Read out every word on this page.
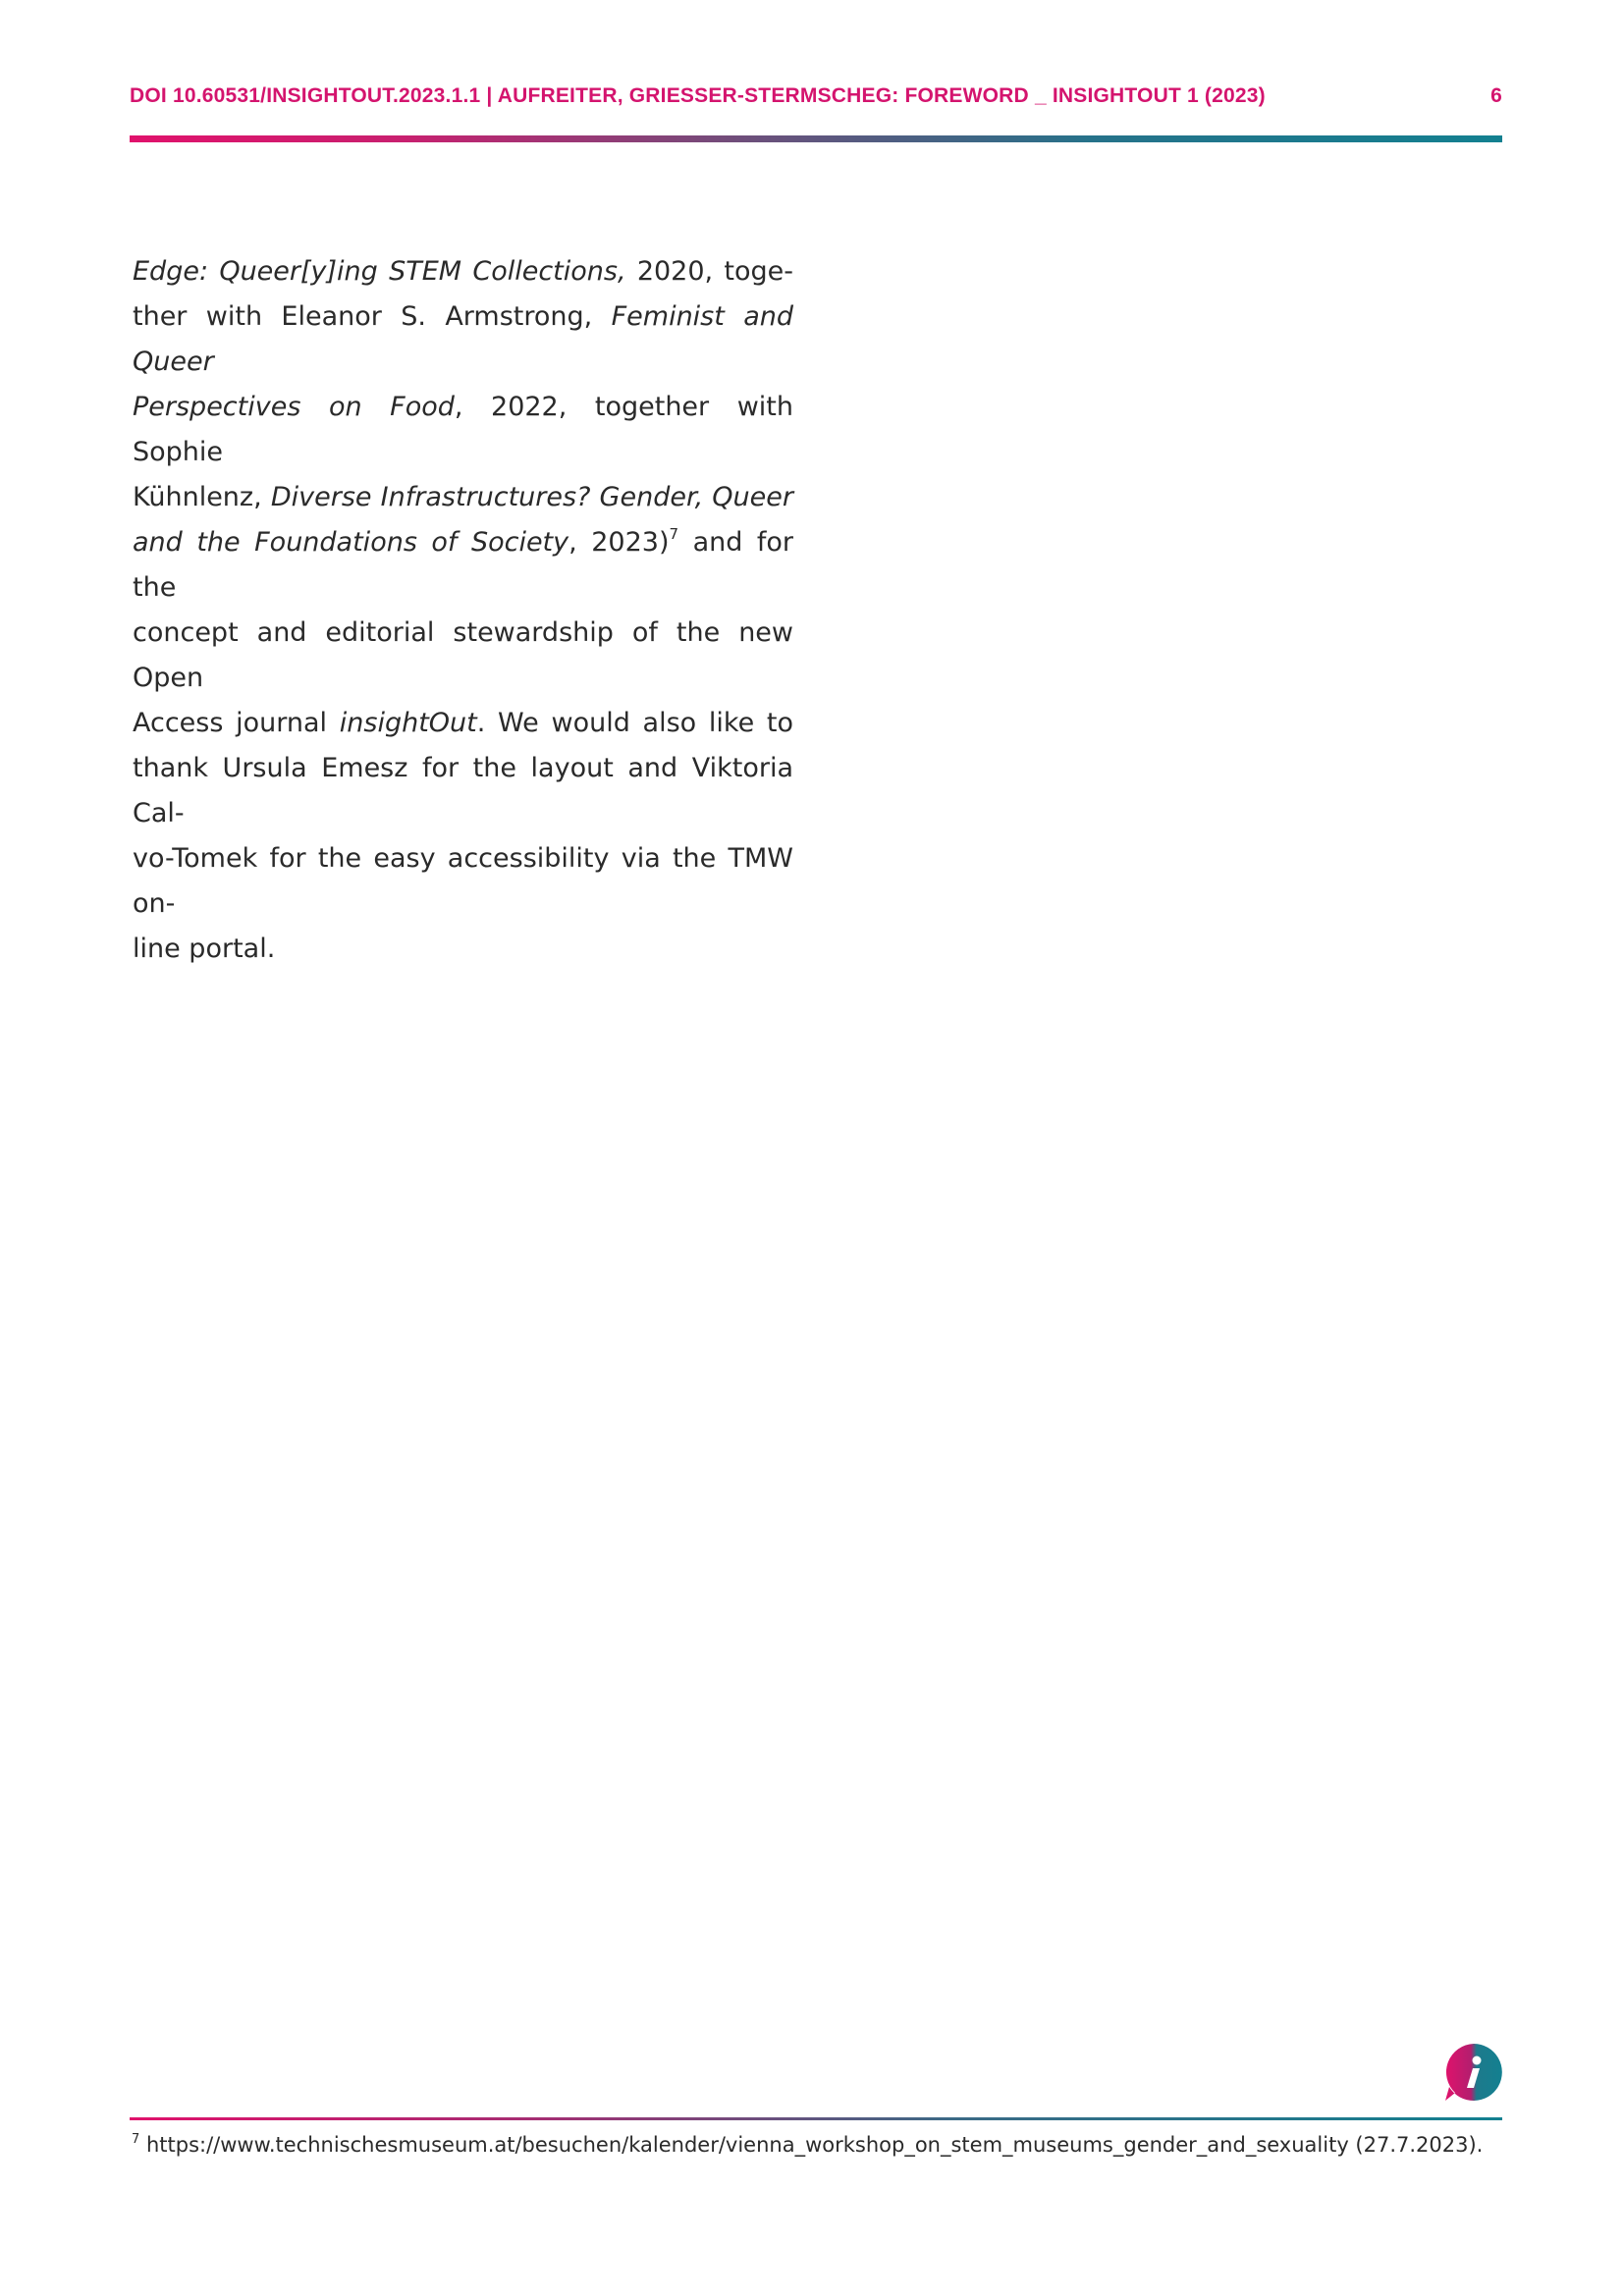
DOI 10.60531/INSIGHTOUT.2023.1.1 | AUFREITER, GRIESSER-STERMSCHEG: FOREWORD _ INSIGHTOUT 1 (2023)	6
Edge: Queer[y]ing STEM Collections, 2020, toge-
ther with Eleanor S. Armstrong, Feminist and Queer
Perspectives on Food, 2022, together with Sophie
Kühnlenz, Diverse Infrastructures? Gender, Queer
and the Foundations of Society, 2023)$^7$ and for the
concept and editorial stewardship of the new Open
Access journal insightOut. We would also like to
thank Ursula Emesz for the layout and Viktoria Cal-
vo-Tomek for the easy accessibility via the TMW on-
line portal.
$^7$ https://www.technischesmuseum.at/besuchen/kalender/vienna_workshop_on_stem_museums_gender_and_sexuality (27.7.2023).
